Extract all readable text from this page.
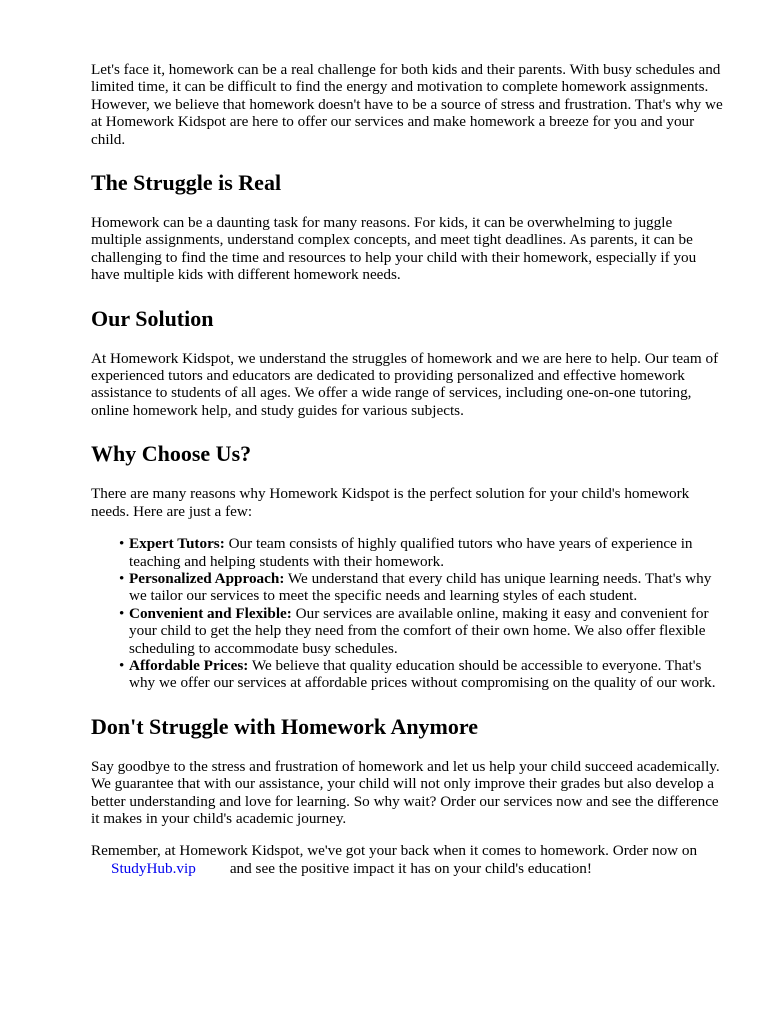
Let's face it, homework can be a real challenge for both kids and their parents. With busy schedules and limited time, it can be difficult to find the energy and motivation to complete homework assignments. However, we believe that homework doesn't have to be a source of stress and frustration. That's why we at Homework Kidspot are here to offer our services and make homework a breeze for you and your child.

The Struggle is Real

Homework can be a daunting task for many reasons. For kids, it can be overwhelming to juggle multiple assignments, understand complex concepts, and meet tight deadlines. As parents, it can be challenging to find the time and resources to help your child with their homework, especially if you have multiple kids with different homework needs.

Our Solution

At Homework Kidspot, we understand the struggles of homework and we are here to help. Our team of experienced tutors and educators are dedicated to providing personalized and effective homework assistance to students of all ages. We offer a wide range of services, including one-on-one tutoring, online homework help, and study guides for various subjects.

Why Choose Us?

There are many reasons why Homework Kidspot is the perfect solution for your child's homework needs. Here are just a few:

• Expert Tutors: Our team consists of highly qualified tutors who have years of experience in teaching and helping students with their homework.
• Personalized Approach: We understand that every child has unique learning needs. That's why we tailor our services to meet the specific needs and learning styles of each student.
• Convenient and Flexible: Our services are available online, making it easy and convenient for your child to get the help they need from the comfort of their own home. We also offer flexible scheduling to accommodate busy schedules.
• Affordable Prices: We believe that quality education should be accessible to everyone. That's why we offer our services at affordable prices without compromising on the quality of our work.
Don't Struggle with Homework Anymore

Say goodbye to the stress and frustration of homework and let us help your child succeed academically. We guarantee that with our assistance, your child will not only improve their grades but also develop a better understanding and love for learning. So why wait? Order our services now and see the difference it makes in your child's academic journey.

Remember, at Homework Kidspot, we've got your back when it comes to homework. Order now on
StudyHub.vip and see the positive impact it has on your child's education!
